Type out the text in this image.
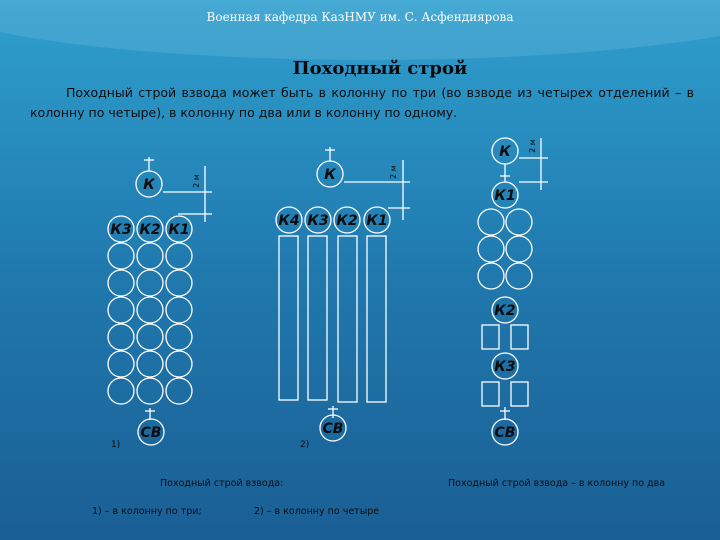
Военная кафедра КазНМУ им. С. Асфендиярова
Походный строй
Походный строй взвода может быть в колонну по три (во взводе из четырех отделений – в колонну по четыре), в колонну по два или в колонну по одному.
К	2 м
К3 К2 К1
СВ
1)
К	2 м
К4 К3 К2 К1
СВ
2)
К 2 м
К1
К2
К3
СВ
Походный строй взвода:
1) – в колонну по три;	2) – в колонну по четыре
Походный строй взвода – в колонну по два
